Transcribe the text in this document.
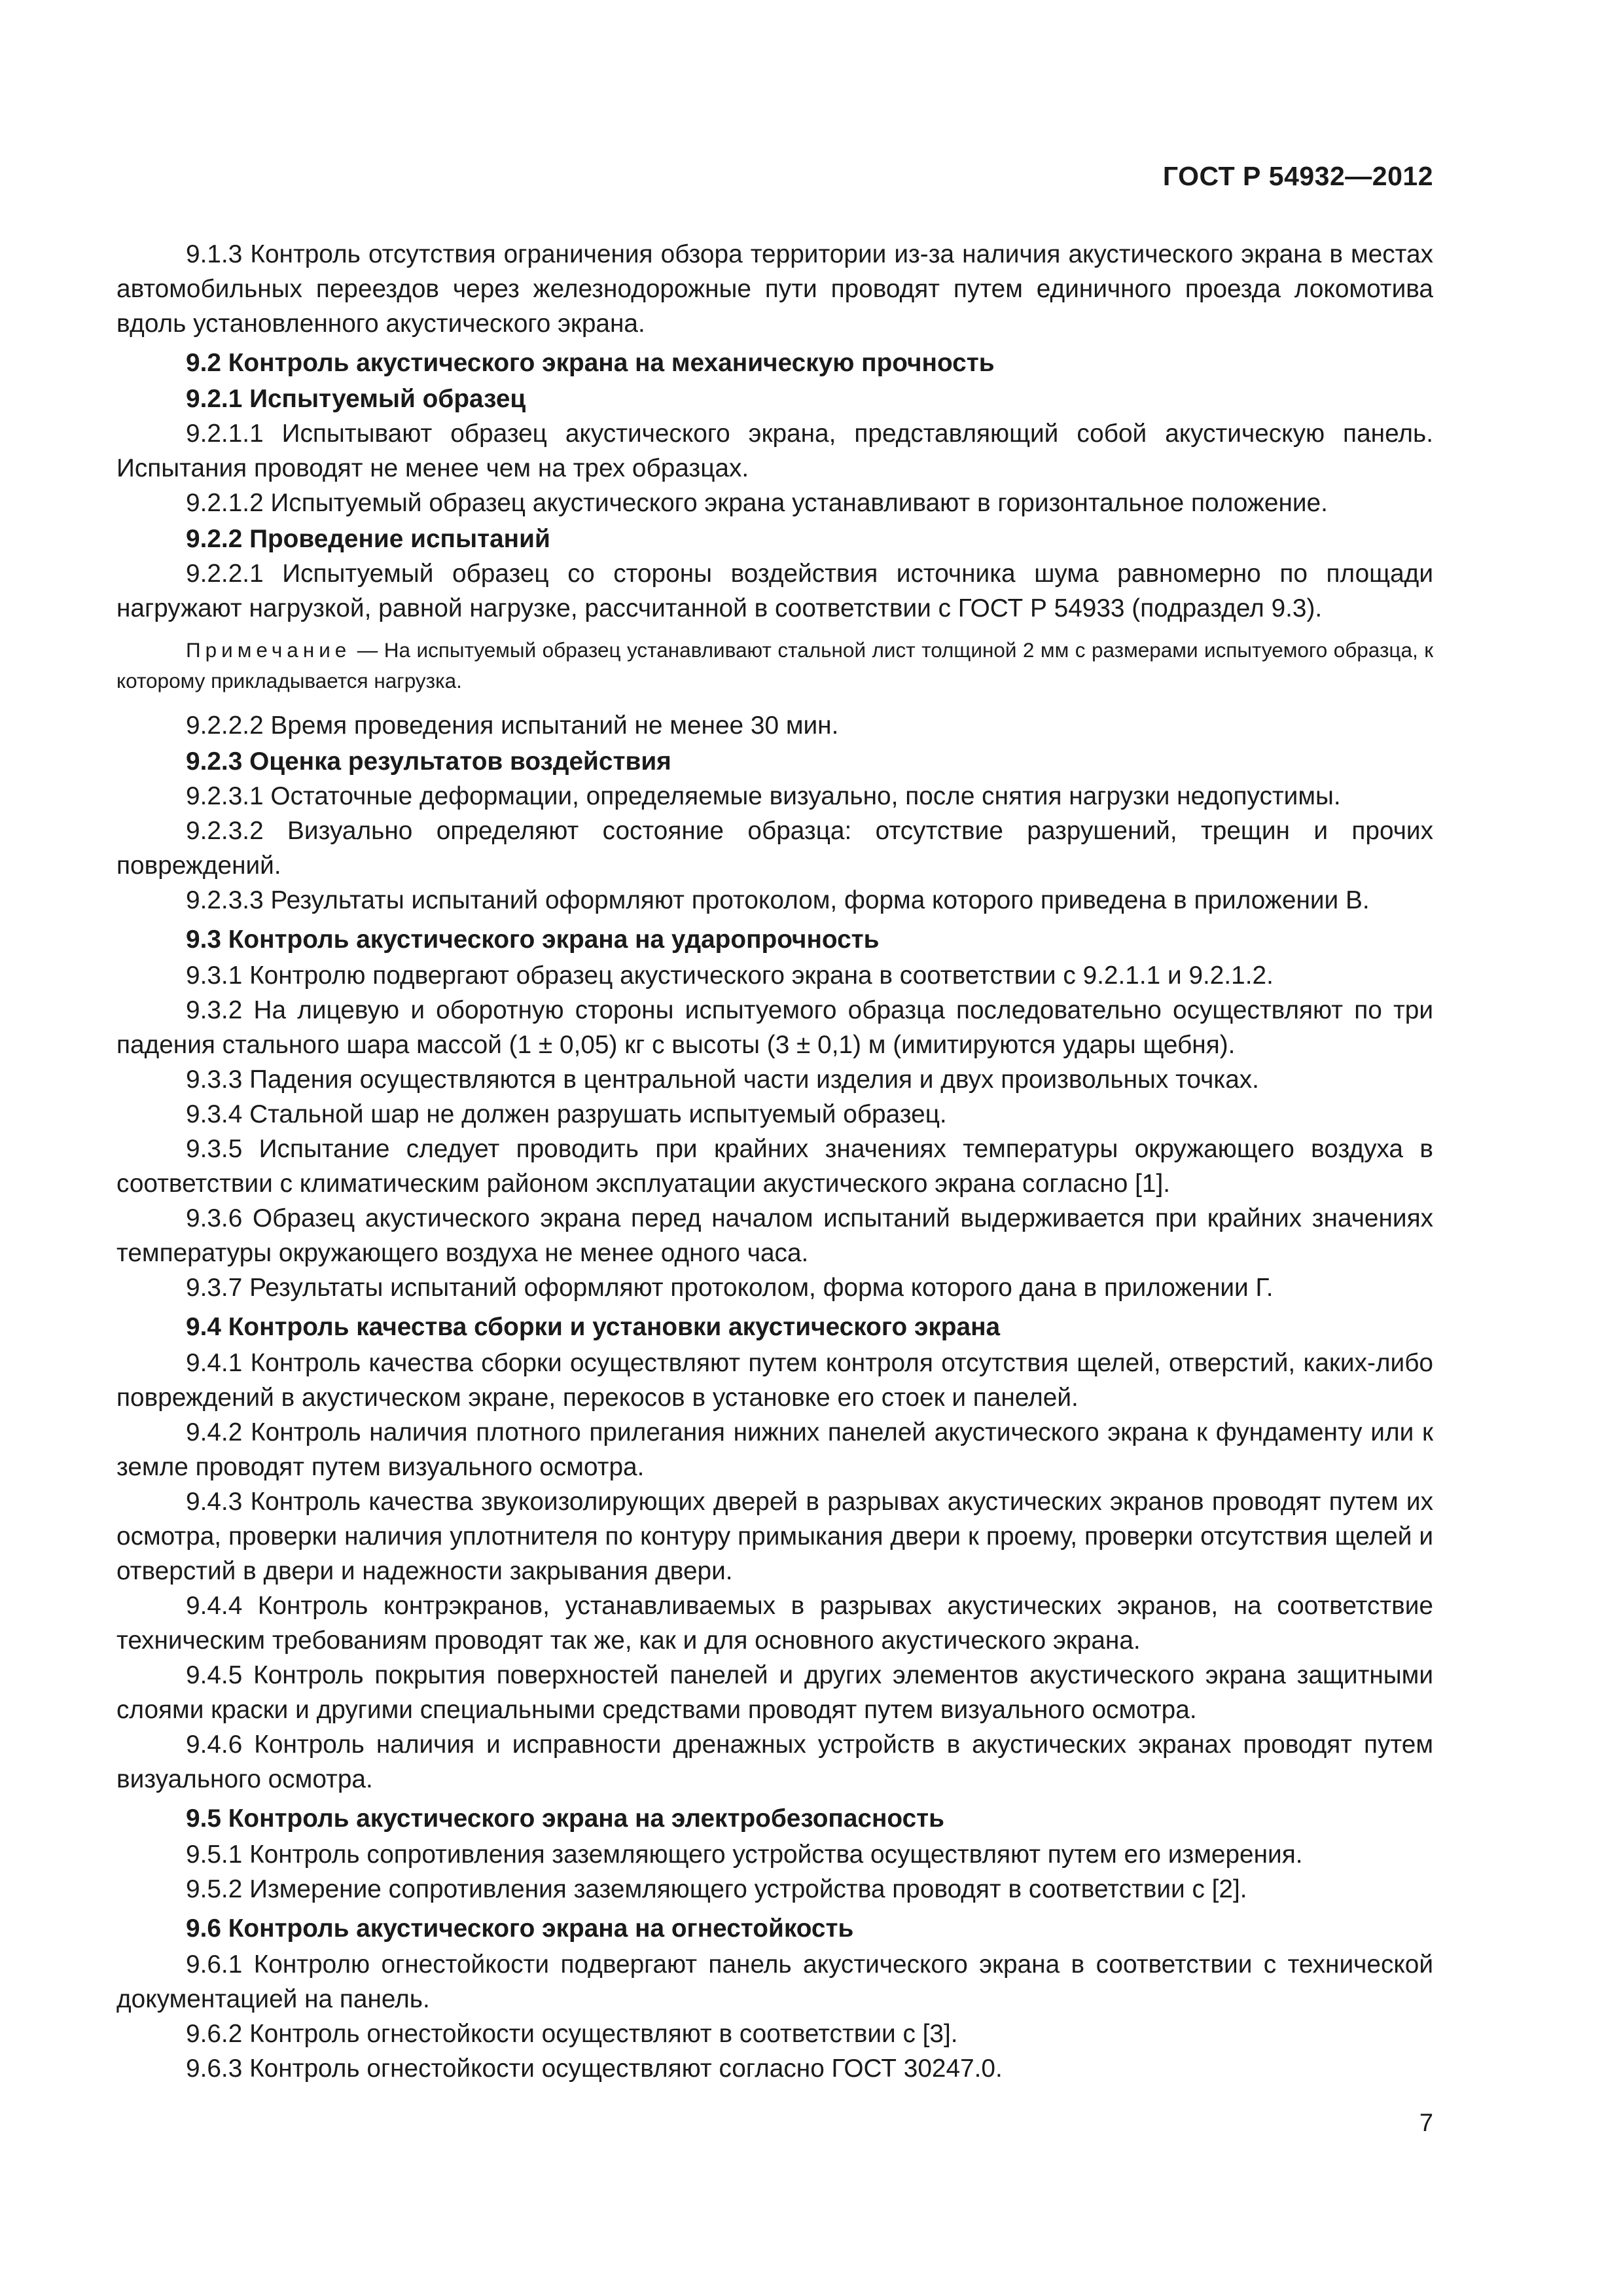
ГОСТ Р 54932—2012
9.1.3 Контроль отсутствия ограничения обзора территории из-за наличия акустического экрана в местах автомобильных переездов через железнодорожные пути проводят путем единичного проезда локомотива вдоль установленного акустического экрана.
9.2 Контроль акустического экрана на механическую прочность
9.2.1 Испытуемый образец
9.2.1.1 Испытывают образец акустического экрана, представляющий собой акустическую панель. Испытания проводят не менее чем на трех образцах.
9.2.1.2 Испытуемый образец акустического экрана устанавливают в горизонтальное положение.
9.2.2 Проведение испытаний
9.2.2.1 Испытуемый образец со стороны воздействия источника шума равномерно по площади нагружают нагрузкой, равной нагрузке, рассчитанной в соответствии с ГОСТ Р 54933 (подраздел 9.3).
Примечание — На испытуемый образец устанавливают стальной лист толщиной 2 мм с размерами испытуемого образца, к которому прикладывается нагрузка.
9.2.2.2 Время проведения испытаний не менее 30 мин.
9.2.3 Оценка результатов воздействия
9.2.3.1 Остаточные деформации, определяемые визуально, после снятия нагрузки недопустимы.
9.2.3.2 Визуально определяют состояние образца: отсутствие разрушений, трещин и прочих повреждений.
9.2.3.3 Результаты испытаний оформляют протоколом, форма которого приведена в приложении В.
9.3 Контроль акустического экрана на ударопрочность
9.3.1 Контролю подвергают образец акустического экрана в соответствии с 9.2.1.1 и 9.2.1.2.
9.3.2 На лицевую и оборотную стороны испытуемого образца последовательно осуществляют по три падения стального шара массой (1 ± 0,05) кг с высоты (3 ± 0,1) м (имитируются удары щебня).
9.3.3 Падения осуществляются в центральной части изделия и двух произвольных точках.
9.3.4 Стальной шар не должен разрушать испытуемый образец.
9.3.5 Испытание следует проводить при крайних значениях температуры окружающего воздуха в соответствии с климатическим районом эксплуатации акустического экрана согласно [1].
9.3.6 Образец акустического экрана перед началом испытаний выдерживается при крайних значениях температуры окружающего воздуха не менее одного часа.
9.3.7 Результаты испытаний оформляют протоколом, форма которого дана в приложении Г.
9.4 Контроль качества сборки и установки акустического экрана
9.4.1 Контроль качества сборки осуществляют путем контроля отсутствия щелей, отверстий, каких-либо повреждений в акустическом экране, перекосов в установке его стоек и панелей.
9.4.2 Контроль наличия плотного прилегания нижних панелей акустического экрана к фундаменту или к земле проводят путем визуального осмотра.
9.4.3 Контроль качества звукоизолирующих дверей в разрывах акустических экранов проводят путем их осмотра, проверки наличия уплотнителя по контуру примыкания двери к проему, проверки отсутствия щелей и отверстий в двери и надежности закрывания двери.
9.4.4 Контроль контрэкранов, устанавливаемых в разрывах акустических экранов, на соответствие техническим требованиям проводят так же, как и для основного акустического экрана.
9.4.5 Контроль покрытия поверхностей панелей и других элементов акустического экрана защитными слоями краски и другими специальными средствами проводят путем визуального осмотра.
9.4.6 Контроль наличия и исправности дренажных устройств в акустических экранах проводят путем визуального осмотра.
9.5 Контроль акустического экрана на электробезопасность
9.5.1 Контроль сопротивления заземляющего устройства осуществляют путем его измерения.
9.5.2 Измерение сопротивления заземляющего устройства проводят в соответствии с [2].
9.6 Контроль акустического экрана на огнестойкость
9.6.1 Контролю огнестойкости подвергают панель акустического экрана в соответствии с технической документацией на панель.
9.6.2 Контроль огнестойкости осуществляют в соответствии с [3].
9.6.3 Контроль огнестойкости осуществляют согласно ГОСТ 30247.0.
7
